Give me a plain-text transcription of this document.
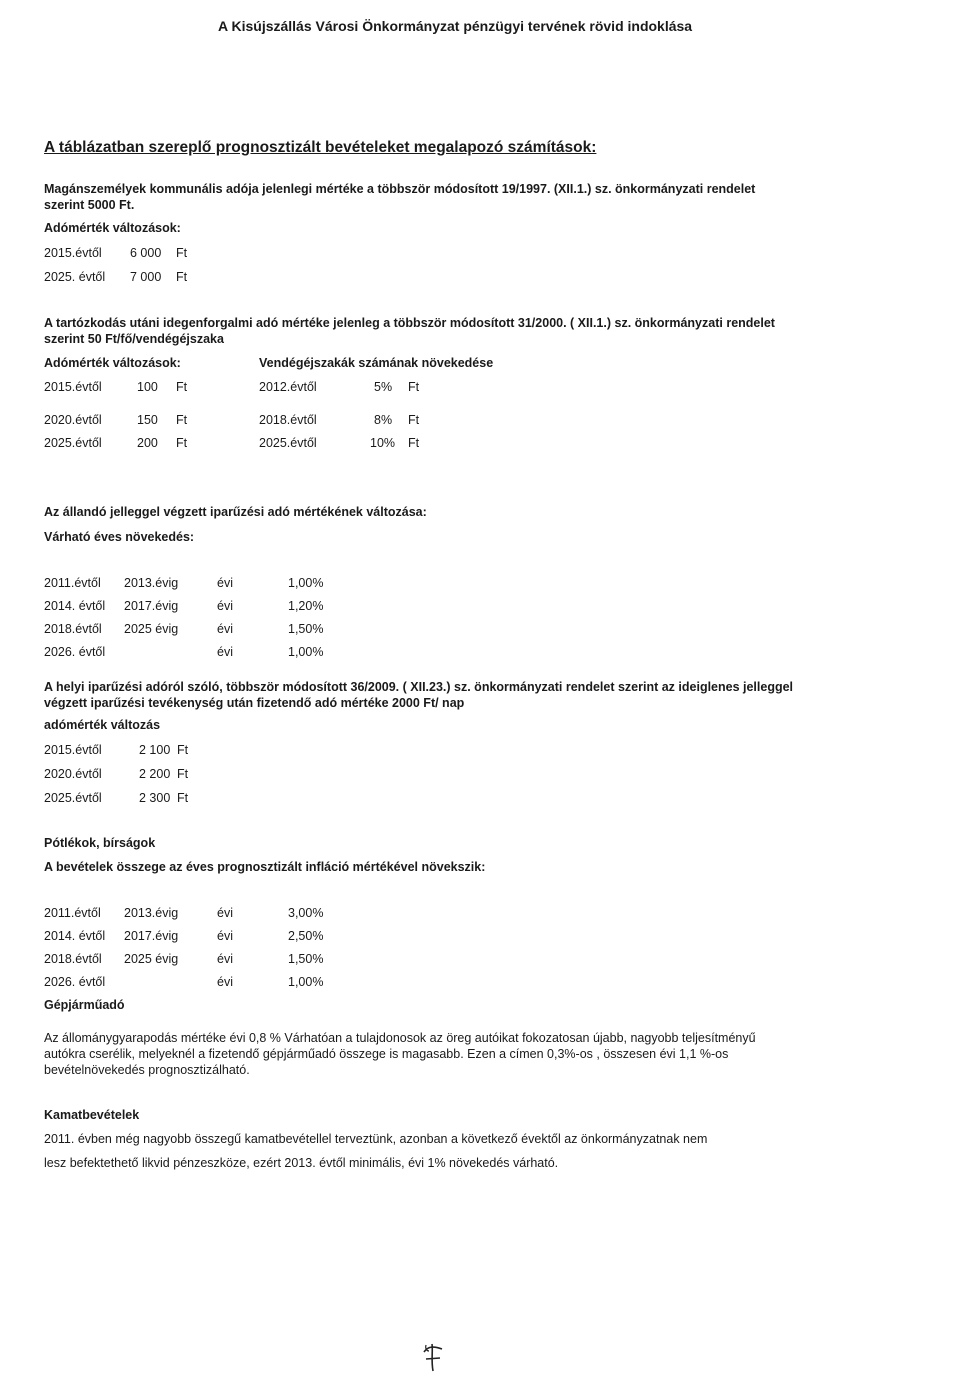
A Kisújszállás Városi Önkormányzat pénzügyi tervének rövid indoklása
A táblázatban szereplő prognosztizált bevételeket megalapozó számítások:
Magánszemélyek kommunális adója jelenlegi mértéke a többször módosított 19/1997. (XII.1.) sz. önkormányzati rendelet szerint 5000 Ft.
Adómérték változások:
2015.évtől 6 000 Ft
2025. évtől 7 000 Ft
A tartózkodás utáni idegenforgalmi adó mértéke jelenleg a többször módosított 31/2000. ( XII.1.) sz. önkormányzati rendelet szerint 50 Ft/fő/vendégéjszaka
Adómérték változások:	Vendégéjszakák számának növekedése
2015.évtől	100 Ft	2012.évtől	5% Ft
2020.évtől	150 Ft	2018.évtől	8% Ft
2025.évtől	200 Ft	2025.évtől	10% Ft
Az állandó jelleggel végzett iparűzési adó mértékének változása:
Várható éves növekedés:
2011.évtől 2013.évig	évi	1,00%
2014. évtől 2017.évig	évi	1,20%
2018.évtől 2025 évig	évi	1,50%
2026. évtől	évi	1,00%
A helyi iparűzési adóról szóló, többször módosított 36/2009. ( XII.23.) sz. önkormányzati rendelet szerint az ideiglenes jelleggel végzett iparűzési tevékenység után fizetendő adó mértéke 2000 Ft/ nap
adómérték változás
2015.évtől	2 100 Ft
2020.évtől	2 200 Ft
2025.évtől	2 300 Ft
Pótlékok, bírságok
A bevételek összege az éves prognosztizált infláció mértékével növekszik:
2011.évtől 2013.évig	évi	3,00%
2014. évtől 2017.évig	évi	2,50%
2018.évtől 2025 évig	évi	1,50%
2026. évtől	évi	1,00%
Gépjárműadó
Az állománygyarapodás mértéke évi 0,8 % Várhatóan a tulajdonosok az öreg autóikat fokozatosan újabb, nagyobb teljesítményű autókra cserélik, melyeknél a fizetendő gépjárműadó összege is magasabb. Ezen a címen 0,3%-os , összesen évi 1,1 %-os bevételnövekedés prognosztizálható.
Kamatbevételek
2011. évben még nagyobb összegű kamatbevétellel terveztünk, azonban a következő évektől az önkormányzatnak nem
lesz befektethető likvid pénzeszköze, ezért 2013. évtől minimális, évi 1% növekedés várható.
